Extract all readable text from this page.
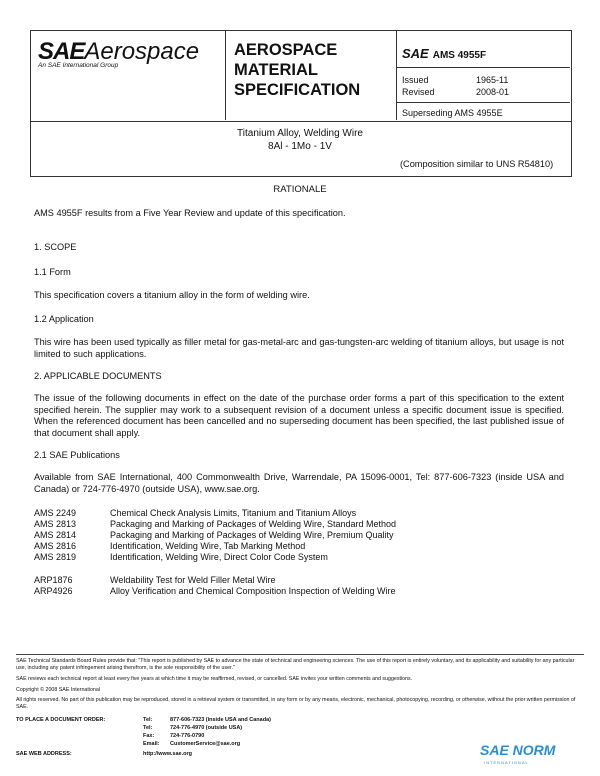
SAEAerospace
An SAE International Group
AEROSPACE
MATERIAL
SPECIFICATION
SAE AMS 4955F
Issued	1965-11
Revised	2008-01
Superseding AMS 4955E
Titanium Alloy, Welding Wire
8Al - 1Mo - 1V
(Composition similar to UNS R54810)
RATIONALE
AMS 4955F results from a Five Year Review and update of this specification.
1. SCOPE
1.1 Form
This specification covers a titanium alloy in the form of welding wire.
1.2 Application
This wire has been used typically as filler metal for gas-metal-arc and gas-tungsten-arc welding of titanium alloys, but usage is not limited to such applications.
2. APPLICABLE DOCUMENTS
The issue of the following documents in effect on the date of the purchase order forms a part of this specification to the extent specified herein. The supplier may work to a subsequent revision of a document unless a specific document issue is specified. When the referenced document has been cancelled and no superseding document has been specified, the last published issue of that document shall apply.
2.1 SAE Publications
Available from SAE International, 400 Commonwealth Drive, Warrendale, PA 15096-0001, Tel: 877-606-7323 (inside USA and Canada) or 724-776-4970 (outside USA), www.sae.org.
AMS 2249	Chemical Check Analysis Limits, Titanium and Titanium Alloys
AMS 2813	Packaging and Marking of Packages of Welding Wire, Standard Method
AMS 2814	Packaging and Marking of Packages of Welding Wire, Premium Quality
AMS 2816	Identification, Welding Wire, Tab Marking Method
AMS 2819	Identification, Welding Wire, Direct Color Code System
ARP1876	Weldability Test for Weld Filler Metal Wire
ARP4926	Alloy Verification and Chemical Composition Inspection of Welding Wire
SAE Technical Standards Board Rules provide that: "This report is published by SAE to advance the state of technical and engineering sciences. The use of this report is entirely voluntary, and its applicability and suitability for any particular use, including any patent infringement arising therefrom, is the sole responsibility of the user."
SAE reviews each technical report at least every five years at which time it may be reaffirmed, revised, or cancelled. SAE invites your written comments and suggestions.
Copyright © 2008 SAE International
All rights reserved. No part of this publication may be reproduced, stored in a retrieval system or transmitted, in any form or by any means, electronic, mechanical, photocopying, recording, or otherwise, without the prior written permission of SAE.
TO PLACE A DOCUMENT ORDER:	Tel:	877-606-7323 (inside USA and Canada)
Tel:	724-776-4970 (outside USA)
Fax:	724-776-0790
Email: CustomerService@sae.org
SAE WEB ADDRESS:	http://www.sae.org	SAE NORM
INTERNATIONAL
